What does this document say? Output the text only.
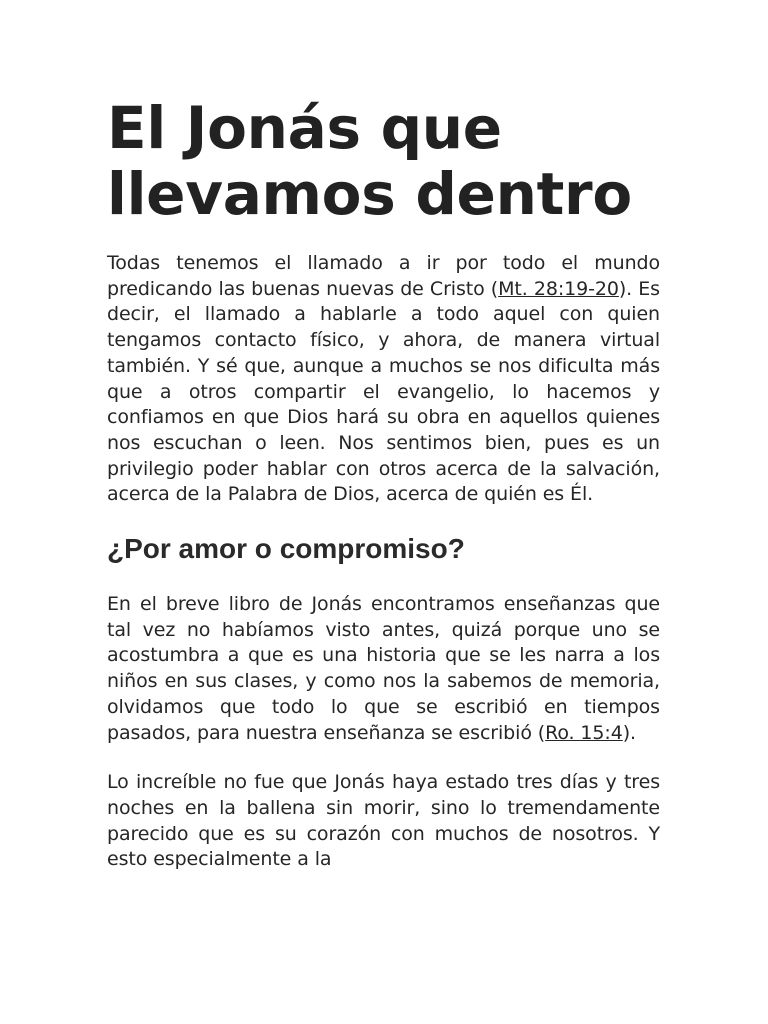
El Jonás que llevamos dentro

Todas tenemos el llamado a ir por todo el mundo predicando las buenas nuevas de Cristo (Mt. 28:19-20). Es decir, el llamado a hablarle a todo aquel con quien tengamos contacto físico, y ahora, de manera virtual también. Y sé que, aunque a muchos se nos dificulta más que a otros compartir el evangelio, lo hacemos y confiamos en que Dios hará su obra en aquellos quienes nos escuchan o leen. Nos sentimos bien, pues es un privilegio poder hablar con otros acerca de la salvación, acerca de la Palabra de Dios, acerca de quién es Él.

¿Por amor o compromiso?

En el breve libro de Jonás encontramos enseñanzas que tal vez no habíamos visto antes, quizá porque uno se acostumbra a que es una historia que se les narra a los niños en sus clases, y como nos la sabemos de memoria, olvidamos que todo lo que se escribió en tiempos pasados, para nuestra enseñanza se escribió (Ro. 15:4).

Lo increíble no fue que Jonás haya estado tres días y tres noches en la ballena sin morir, sino lo tremendamente parecido que es su corazón con muchos de nosotros. Y esto especialmente a la
